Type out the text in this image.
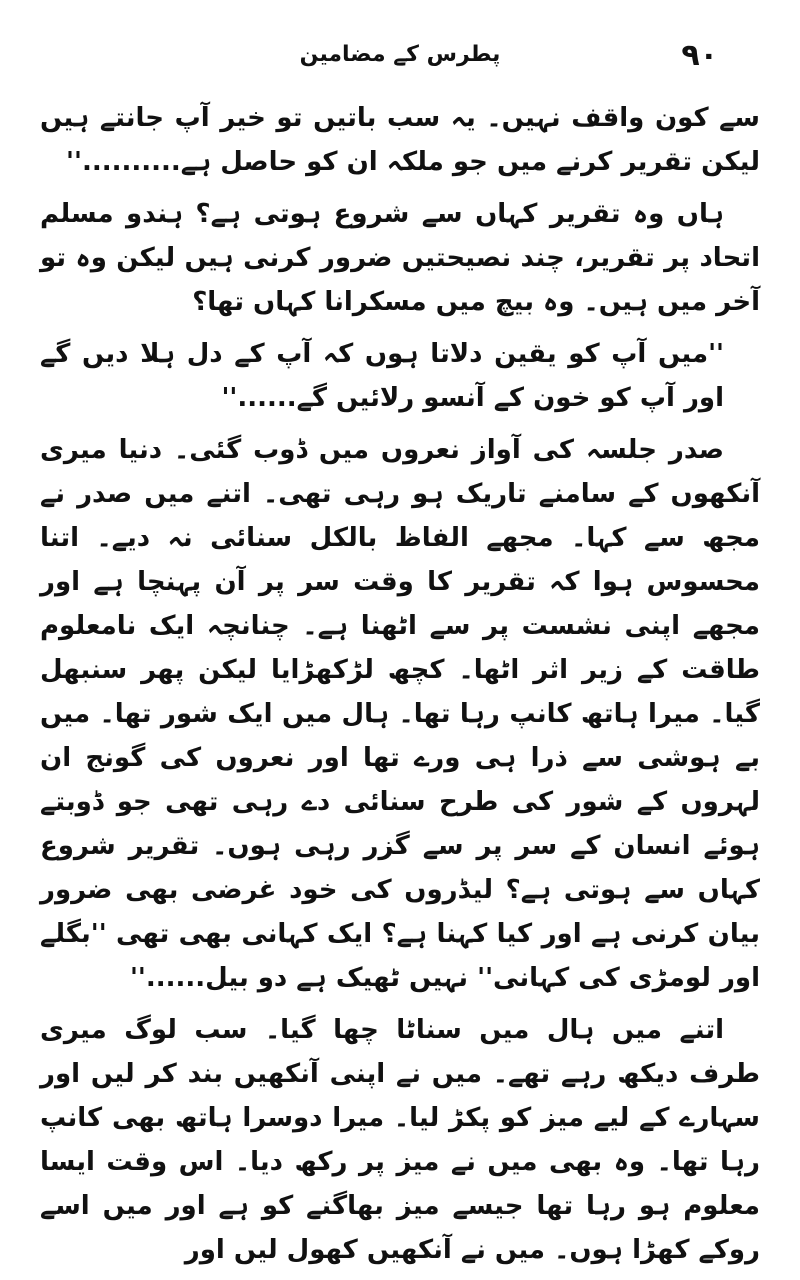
۹۰
پطرس کے مضامین

سے کون واقف نہیں۔ یہ سب باتیں تو خیر آپ جانتے ہیں لیکن تقریر کرنے میں جو ملکہ ان کو حاصل ہے..........''

ہاں وہ تقریر کہاں سے شروع ہوتی ہے؟ ہندو مسلم اتحاد پر تقریر، چند نصیحتیں ضرور کرنی ہیں لیکن وہ تو آخر میں ہیں۔ وہ بیچ میں مسکرانا کہاں تھا؟

''میں آپ کو یقین دلاتا ہوں کہ آپ کے دل ہلا دیں گے اور آپ کو خون کے آنسو رلائیں گے......''

صدر جلسہ کی آواز نعروں میں ڈوب گئی۔ دنیا میری آنکھوں کے سامنے تاریک ہو رہی تھی۔ اتنے میں صدر نے مجھ سے کہا۔ مجھے الفاظ بالکل سنائی نہ دیے۔ اتنا محسوس ہوا کہ تقریر کا وقت سر پر آن پہنچا ہے اور مجھے اپنی نشست پر سے اٹھنا ہے۔ چنانچہ ایک نامعلوم طاقت کے زیر اثر اٹھا۔ کچھ لڑکھڑایا لیکن پھر سنبھل گیا۔ میرا ہاتھ کانپ رہا تھا۔ ہال میں ایک شور تھا۔ میں بے ہوشی سے ذرا ہی ورے تھا اور نعروں کی گونج ان لہروں کے شور کی طرح سنائی دے رہی تھی جو ڈوبتے ہوئے انسان کے سر پر سے گزر رہی ہوں۔ تقریر شروع کہاں سے ہوتی ہے؟ لیڈروں کی خود غرضی بھی ضرور بیان کرنی ہے اور کیا کہنا ہے؟ ایک کہانی بھی تھی ''بگلے اور لومڑی کی کہانی'' نہیں ٹھیک ہے دو بیل......''

اتنے میں ہال میں سناٹا چھا گیا۔ سب لوگ میری طرف دیکھ رہے تھے۔ میں نے اپنی آنکھیں بند کر لیں اور سہارے کے لیے میز کو پکڑ لیا۔ میرا دوسرا ہاتھ بھی کانپ رہا تھا۔ وہ بھی میں نے میز پر رکھ دیا۔ اس وقت ایسا معلوم ہو رہا تھا جیسے میز بھاگنے کو ہے اور میں اسے روکے کھڑا ہوں۔ میں نے آنکھیں کھول لیں اور
